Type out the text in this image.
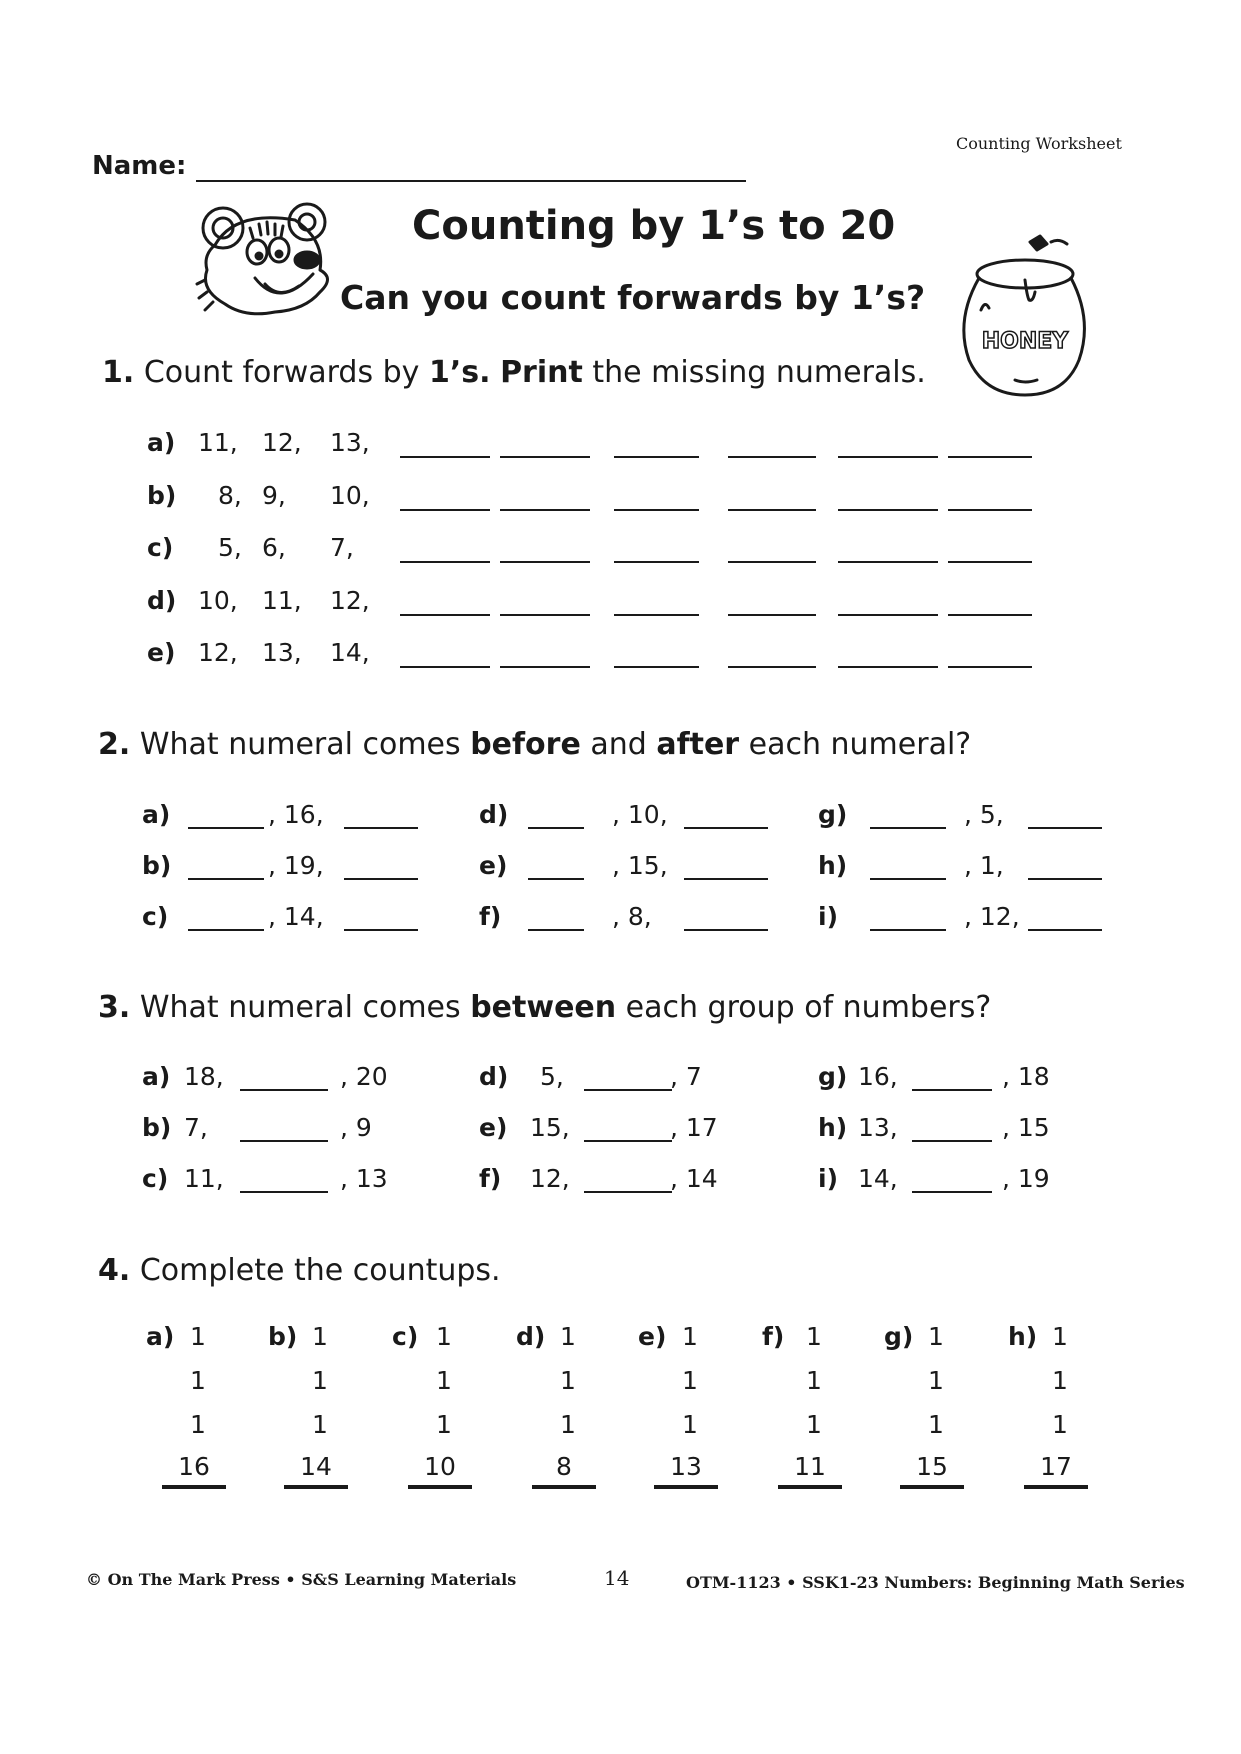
Counting Worksheet
Name:
HONEY
Counting by 1’s to 20
Can you count forwards by 1’s?
1. Count forwards by 1’s. Print the missing numerals.
a) 11, 12, 13,
b) 8, 9, 10,
c) 5, 6, 7,
d) 10, 11, 12,
e) 12, 13, 14,
2. What numeral comes before and after each numeral?
a)	, 16,
b)	, 19,
c)	, 14,
d)	, 10,
e)	, 15,
f)	, 8,
g)	, 5,
h)	, 1,
i)	, 12,
3. What numeral comes between each group of numbers?
a) 18,	, 20
b) 7,	, 9
c) 11,	, 13
d) 5,	, 7
e) 15,	, 17
f) 12,	, 14
g) 16,	, 18
h) 13,	, 15
i) 14,	, 19
4. Complete the countups.
a) 1
1
1
16
b) 1
1
1
14
c) 1
1
1
10
d) 1
1
1
8
e) 1
1
1
13
f) 1
1
1
11
g) 1
1
1
15
h) 1
1
1
17
© On The Mark Press • S&S Learning Materials	14	OTM-1123 • SSK1-23 Numbers: Beginning Math Series
